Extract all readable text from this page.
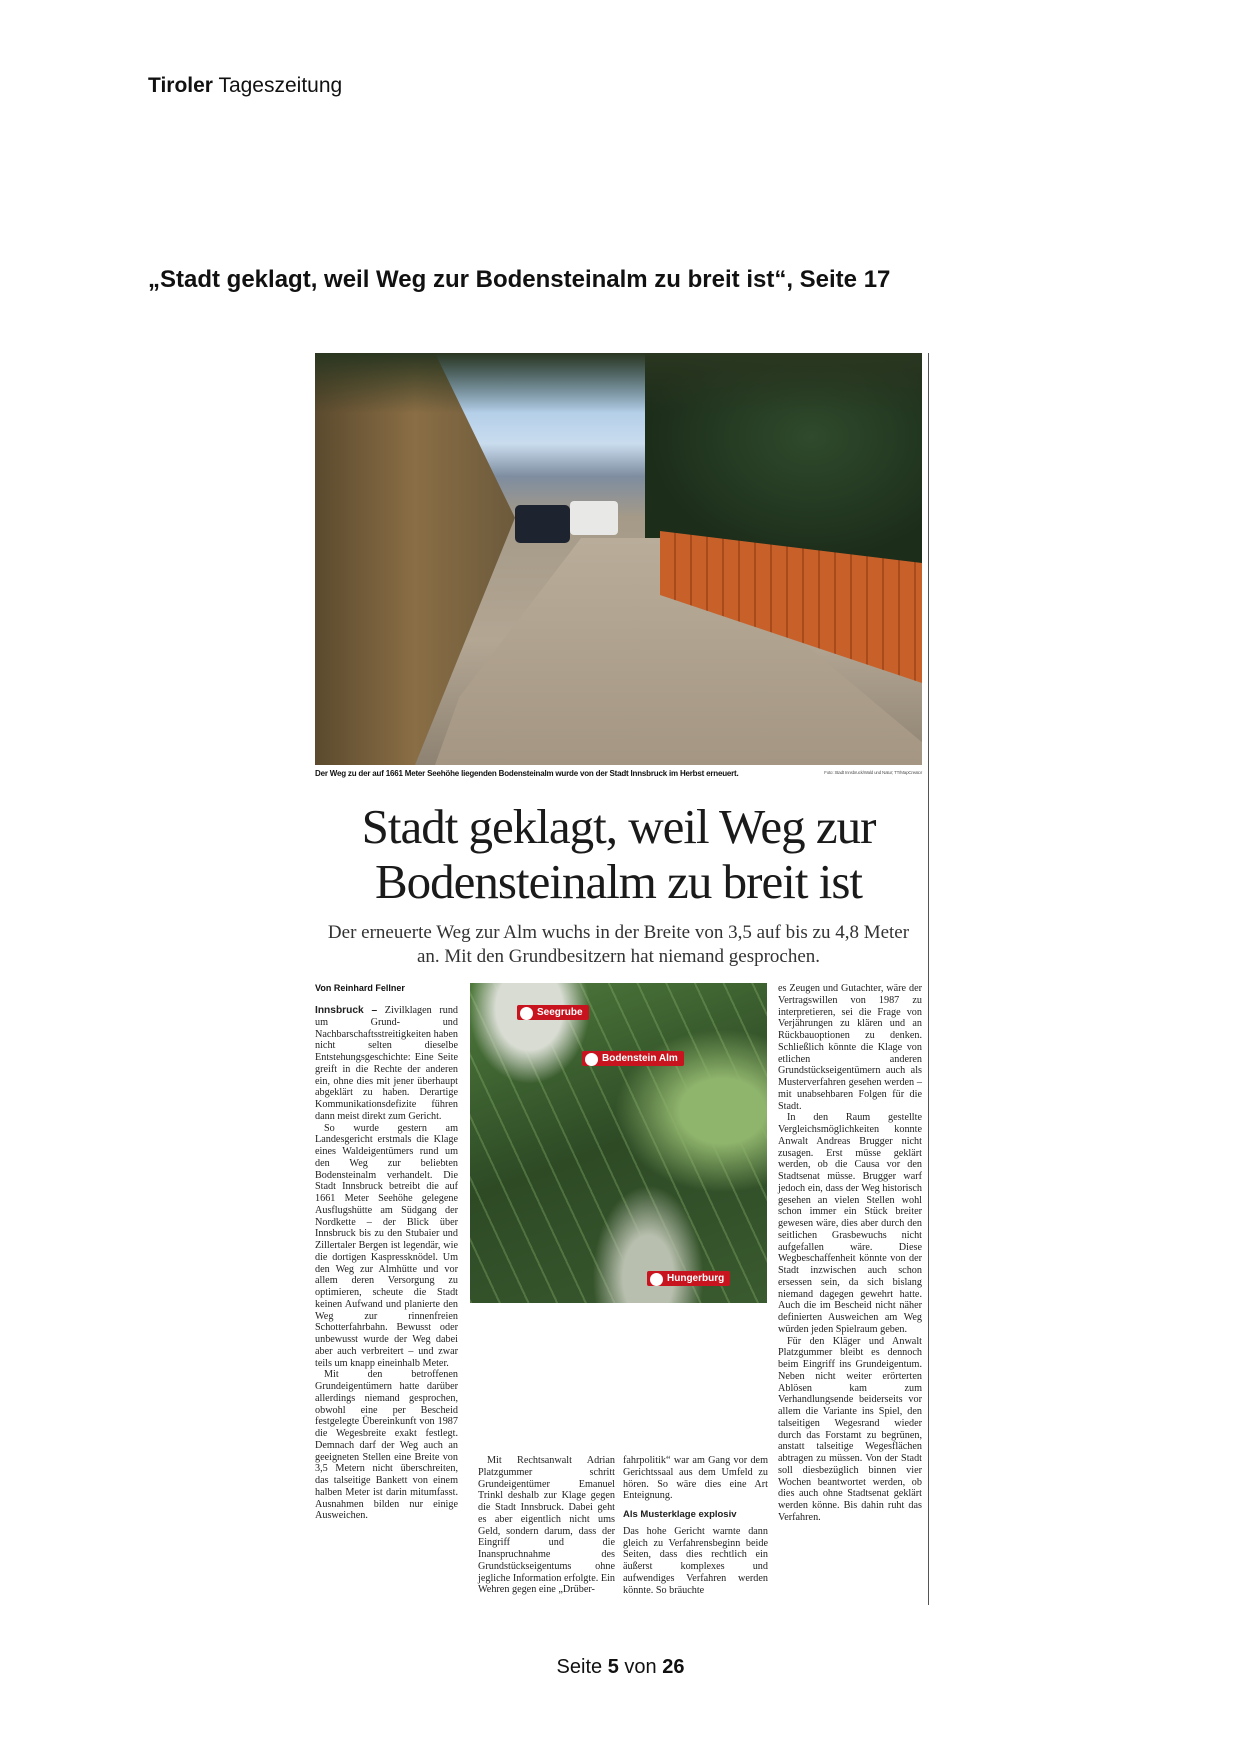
Tiroler Tageszeitung
„Stadt geklagt, weil Weg zur Bodensteinalm zu breit ist“, Seite 17
Der Weg zu der auf 1661 Meter Seehöhe liegenden Bodensteinalm wurde von der Stadt Innsbruck im Herbst erneuert.	Foto: Stadt Innsbruck/Wald und Natur; TT/MapCreator
Stadt geklagt, weil Weg zur Bodensteinalm zu breit ist
Der erneuerte Weg zur Alm wuchs in der Breite von 3,5 auf bis zu 4,8 Meter an. Mit den Grundbesitzern hat niemand gesprochen.
Von Reinhard Fellner

Innsbruck – Zivilklagen rund um Grund- und Nachbarschaftsstreitigkeiten haben nicht selten dieselbe Entstehungsgeschichte: Eine Seite greift in die Rechte der anderen ein, ohne dies mit jener überhaupt abgeklärt zu haben. Derartige Kommunikationsdefizite führen dann meist direkt zum Gericht.

So wurde gestern am Landesgericht erstmals die Klage eines Waldeigentümers rund um den Weg zur beliebten Bodensteinalm verhandelt. Die Stadt Innsbruck betreibt die auf 1661 Meter Seehöhe gelegene Ausflugshütte am Südgang der Nordkette – der Blick über Innsbruck bis zu den Stubaier und Zillertaler Bergen ist legendär, wie die dortigen Kaspressknödel. Um den Weg zur Almhütte und vor allem deren Versorgung zu optimieren, scheute die Stadt keinen Aufwand und planierte den Weg zur rinnenfreien Schotterfahrbahn. Bewusst oder unbewusst wurde der Weg dabei aber auch verbreitert – und zwar teils um knapp eineinhalb Meter.

Mit den betroffenen Grundeigentümern hatte darüber allerdings niemand gesprochen, obwohl eine per Bescheid festgelegte Übereinkunft von 1987 die Wegesbreite exakt festlegt. Demnach darf der Weg auch an geeigneten Stellen eine Breite von 3,5 Metern nicht überschreiten, das talseitige Bankett von einem halben Meter ist darin mitumfasst. Ausnahmen bilden nur einige Ausweichen.

Seegrube
Bodenstein Alm
Hungerburg

Mit Rechtsanwalt Adrian Platzgummer schritt Grundeigentümer Emanuel Trinkl deshalb zur Klage gegen die Stadt Innsbruck. Dabei geht es aber eigentlich nicht ums Geld, sondern darum, dass der Eingriff und die Inanspruchnahme des Grundstückseigentums ohne jegliche Information erfolgte. Ein Wehren gegen eine „Drüber-

fahrpolitik“ war am Gang vor dem Gerichtssaal aus dem Umfeld zu hören. So wäre dies eine Art Enteignung.

Als Musterklage explosiv

Das hohe Gericht warnte dann gleich zu Verfahrensbeginn beide Seiten, dass dies rechtlich ein äußerst komplexes und aufwendiges Verfahren werden könnte. So bräuchte

es Zeugen und Gutachter, wäre der Vertragswillen von 1987 zu interpretieren, sei die Frage von Verjährungen zu klären und an Rückbauoptionen zu denken. Schließlich könnte die Klage von etlichen anderen Grundstückseigentümern auch als Musterverfahren gesehen werden – mit unabsehbaren Folgen für die Stadt.

In den Raum gestellte Vergleichsmöglichkeiten konnte Anwalt Andreas Brugger nicht zusagen. Erst müsse geklärt werden, ob die Causa vor den Stadtsenat müsse. Brugger warf jedoch ein, dass der Weg historisch gesehen an vielen Stellen wohl schon immer ein Stück breiter gewesen wäre, dies aber durch den seitlichen Grasbewuchs nicht aufgefallen wäre. Diese Wegbeschaffenheit könnte von der Stadt inzwischen auch schon ersessen sein, da sich bislang niemand dagegen gewehrt hatte. Auch die im Bescheid nicht näher definierten Ausweichen am Weg würden jeden Spielraum geben.

Für den Kläger und Anwalt Platzgummer bleibt es dennoch beim Eingriff ins Grundeigentum. Neben nicht weiter erörterten Ablösen kam zum Verhandlungsende beiderseits vor allem die Variante ins Spiel, den talseitigen Wegesrand wieder durch das Forstamt zu begrünen, anstatt talseitige Wegesflächen abtragen zu müssen. Von der Stadt soll diesbezüglich binnen vier Wochen beantwortet werden, ob dies auch ohne Stadtsenat geklärt werden könne. Bis dahin ruht das Verfahren.

Seite 5 von 26
